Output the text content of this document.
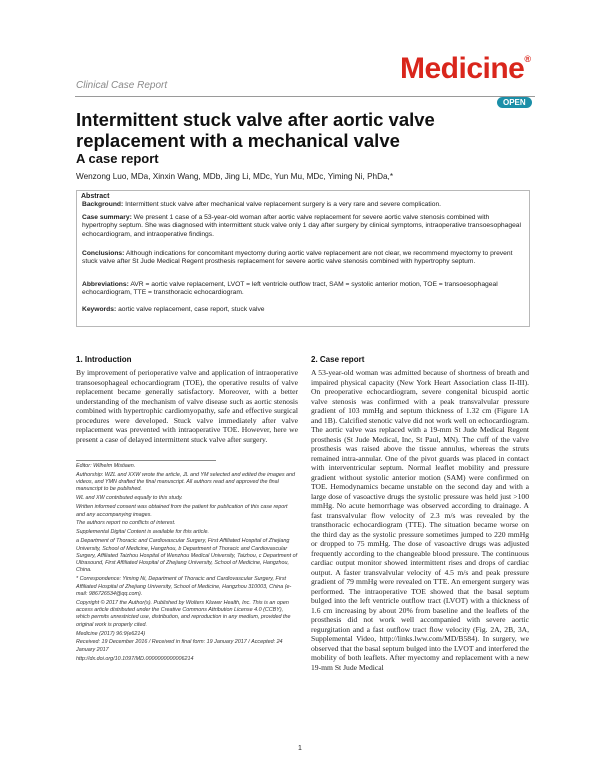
Clinical Case Report
Medicine®
OPEN
Intermittent stuck valve after aortic valve replacement with a mechanical valve
A case report
Wenzong Luo, MDa, Xinxin Wang, MDb, Jing Li, MDc, Yun Mu, MDc, Yiming Ni, PhDa,*
Abstract

Background: Intermittent stuck valve after mechanical valve replacement surgery is a very rare and severe complication.

Case summary: We present 1 case of a 53-year-old woman after aortic valve replacement for severe aortic valve stenosis combined with hypertrophy septum. She was diagnosed with intermittent stuck valve only 1 day after surgery by clinical symptoms, intraoperative transoesophageal echocardiogram, and intraoperative findings.

Conclusions: Although indications for concomitant myectomy during aortic valve replacement are not clear, we recommend myectomy to prevent stuck valve after St Jude Medical Regent prosthesis replacement for severe aortic valve stenosis combined with hypertrophy septum.

Abbreviations: AVR = aortic valve replacement, LVOT = left ventricle outflow tract, SAM = systolic anterior motion, TOE = transoesophageal echocardiogram, TTE = transthoracic echocardiogram.

Keywords: aortic valve replacement, case report, stuck valve

1. Introduction
By improvement of perioperative valve and application of intraoperative transoesophageal echocardiogram (TOE), the operative results of valve replacement became generally satisfactory. Moreover, with a better understanding of the mechanism of valve disease such as aortic stenosis combined with hypertrophic cardiomyopathy, safe and effective surgical procedures were developed. Stuck valve immediately after valve replacement was prevented with intraoperative TOE. However, here we present a case of delayed intermittent stuck valve after surgery.

Editor: Wilhelm Mistiaen.

Authorship: WZL and XXW wrote the article, JL and YM selected and edited the images and videos, and YMN drafted the final manuscript. All authors read and approved the final manuscript to be published.

WL and XW contributed equally to this study.

Written informed consent was obtained from the patient for publication of this case report and any accompanying images.

The authors report no conflicts of interest.

Supplemental Digital Content is available for this article.

a Department of Thoracic and Cardiovascular Surgery, First Affiliated Hospital of Zhejiang University, School of Medicine, Hangzhou, b Department of Thoracic and Cardiovascular Surgery, Affiliated Taizhou Hospital of Wenzhou Medical University, Taizhou, c Department of Ultrasound, First Affiliated Hospital of Zhejiang University, School of Medicine, Hangzhou, China.

* Correspondence: Yiming Ni, Department of Thoracic and Cardiovascular Surgery, First Affiliated Hospital of Zhejiang University, School of Medicine, Hangzhou 310003, China (e-mail: 986726534@qq.com).

Copyright © 2017 the Author(s). Published by Wolters Kluwer Health, Inc. This is an open access article distributed under the Creative Commons Attribution License 4.0 (CCBY), which permits unrestricted use, distribution, and reproduction in any medium, provided the original work is properly cited.

Medicine (2017) 96:9(e6214)

Received: 19 December 2016 / Received in final form: 19 January 2017 / Accepted: 24 January 2017

http://dx.doi.org/10.1097/MD.0000000000006214

2. Case report
A 53-year-old woman was admitted because of shortness of breath and impaired physical capacity (New York Heart Association class II-III). On preoperative echocardiogram, severe congenital bicuspid aortic valve stenosis was confirmed with a peak transvalvular pressure gradient of 103 mmHg and septum thickness of 1.32 cm (Figure 1A and 1B). Calcified stenotic valve did not work well on echocardiogram. The aortic valve was replaced with a 19-mm St Jude Medical Regent prosthesis (St Jude Medical, Inc, St Paul, MN). The cuff of the valve prosthesis was raised above the tissue annulus, whereas the struts remained intra-annular. One of the pivot guards was placed in contact with interventricular septum. Normal leaflet mobility and pressure gradient without systolic anterior motion (SAM) were confirmed on TOE. Hemodynamics became unstable on the second day and with a large dose of vasoactive drugs the systolic pressure was held just >100 mmHg. No acute hemorrhage was observed according to drainage. A fast transvalvular flow velocity of 2.3 m/s was revealed by the transthoracic echocardiogram (TTE). The situation became worse on the third day as the systolic pressure sometimes jumped to 220 mmHg or dropped to 75 mmHg. The dose of vasoactive drugs was adjusted frequently according to the changeable blood pressure. The continuous cardiac output monitor showed intermittent rises and drops of cardiac output. A faster transvalvular velocity of 4.5 m/s and peak pressure gradient of 79 mmHg were revealed on TTE. An emergent surgery was performed. The intraoperative TOE showed that the basal septum bulged into the left ventricle outflow tract (LVOT) with a thickness of 1.6 cm increasing by about 20% from baseline and the leaflets of the prosthesis did not work well accompanied with severe aortic regurgitation and a fast outflow tract flow velocity (Fig. 2A, 2B, 3A, Supplemental Video, http://links.lww.com/MD/B584). In surgery, we observed that the basal septum bulged into the LVOT and interfered the mobility of both leaflets. After myectomy and replacement with a new 19-mm St Jude Medical
1
